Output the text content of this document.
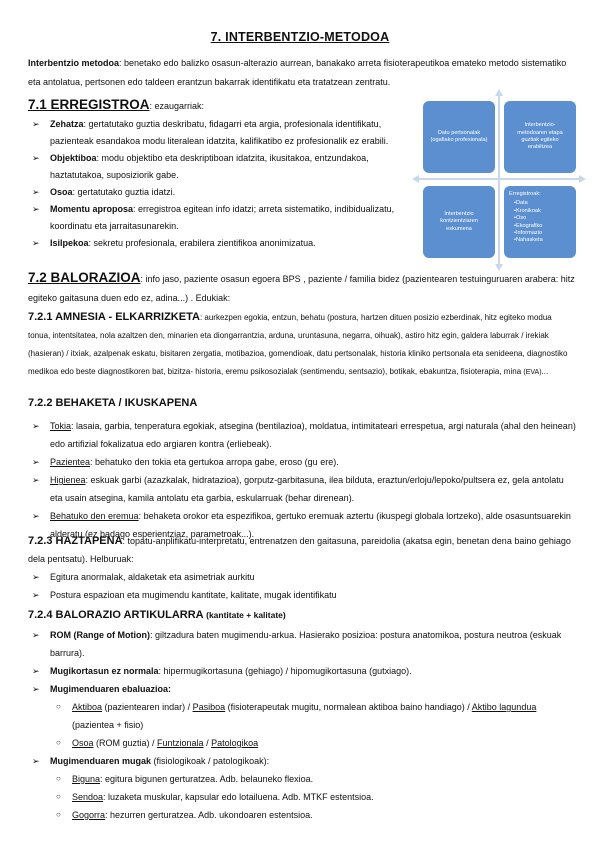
7. INTERBENTZIO-METODOA
Interbentzio metodoa: benetako edo balizko osasun-alterazio aurrean, banakako arreta fisioterapeutikoa emateko metodo sistematiko eta antolatua, pertsonen edo taldeen erantzun bakarrak identifikatu eta tratatzean zentratu.
7.1 ERREGISTROA: ezaugarriak:
➢ Zehatza: gertatutako guztia deskribatu, fidagarri eta argia, profesionala identifikatu, pazienteak esandakoa modu literalean idatzita, kalifikatibo ez profesionalik ez erabili.
➢ Objektiboa: modu objektibo eta deskriptiboan idatzita, ikusitakoa, entzundakoa, haztatutakoa, suposiziorik gabe.
➢ Osoa: gertatutako guztia idatzi.
➢ Momentu aproposa: erregistroa egitean info idatzi; arreta sistematiko, indibidualizatu, koordinatu eta jarraitasunarekin.
➢ Isilpekoa: sekretu profesionala, erabilera zientifikoa anonimizatua.
Datu pertsonalak (ogafiako profesionala)
Interbentzio- metodoaren etapa guztiak egiteko erabiltzea
Interbentzio kontzientziaren eskumena
Erregistroak:
• Data
• Kronikoak
• Oso
• Ekografiko
• Informazio
• Nahasketa
7.2 BALORAZIOA: info jaso, paziente osasun egoera BPS , paziente / familia bidez (pazientearen testuinguruaren arabera: hitz egiteko gaitasuna duen edo ez, adina...) . Edukiak:
7.2.1 AMNESIA - ELKARRIZKETA: aurkezpen egokia, entzun, behatu (postura, hartzen dituen posizio ezberdinak, hitz egiteko modua tonua, intentsitatea, nola azaltzen den, minarien eta diongarrantzia, arduna, uruntasuna, negarra, oihuak), astiro hitz egin, galdera laburrak / irekiak (hasieran) / itxiak, azalpenak eskatu, bisitaren zergatia, motibazioa, gomendioak, datu pertsonalak, historia kliniko pertsonala eta senideena, diagnostiko medikoa edo beste diagnostikoren bat, bizitza- historia, eremu psikosozialak (sentimendu, sentsazio), botikak, ebakuntza, fisioterapia, mina (EVA)...
7.2.2 BEHAKETA / IKUSKAPENA
➢ Tokia: lasaia, garbia, tenperatura egokiak, atsegina (bentilazioa), moldatua, intimitateari errespetua, argi naturala (ahal den heinean) edo artifizial fokalizatua edo argiaren kontra (erliebeak).
➢ Pazientea: behatuko den tokia eta gertukoa arropa gabe, eroso (gu ere).
➢ Higienea: eskuak garbi (azazkalak, hidratazioa), gorputz-garbitasuna, ilea bilduta, eraztun/erloju/lepoko/pultsera ez, gela antolatu eta usain atsegina, kamila antolatu eta garbia, eskularruak (behar direnean).
➢ Behatuko den eremua: behaketa orokor eta espezifikoa, gertuko eremuak aztertu (ikuspegi globala lortzeko), alde osasuntsuarekin alderatu (ez badago esperientziaz, parametroak...).
7.2.3 HAZTAPENA: topatu-anplifikatu-interpretatu, entrenatzen den gaitasuna, pareidolia (akatsa egin, benetan dena baino gehiago dela pentsatu). Helburuak:
➢ Egitura anormalak, aldaketak eta asimetriak aurkitu
➢ Postura espazioan eta mugimendu kantitate, kalitate, mugak identifikatu
7.2.4 BALORAZIO ARTIKULARRA (kantitate + kalitate)
➢ ROM (Range of Motion): giltzadura baten mugimendu-arkua. Hasierako posizioa: postura anatomikoa, postura neutroa (eskuak barrura).
➢ Mugikortasun ez normala: hipermugikortasuna (gehiago) / hipomugikortasuna (gutxiago).
➢ Mugimenduaren ebaluazioa:
○ Aktiboa (pazientearen indar) / Pasiboa (fisioterapeutak mugitu, normalean aktiboa baino handiago) / Aktibo lagundua (pazientea + fisio)
○ Osoa (ROM guztia) / Funtzionala / Patologikoa
➢ Mugimenduaren mugak (fisiologikoak / patologikoak):
○ Biguna: egitura bigunen gerturatzea. Adb. belauneko flexioa.
○ Sendoa: luzaketa muskular, kapsular edo lotailuena. Adb. MTKF estentsioa.
○ Gogorra: hezurren gerturatzea. Adb. ukondoaren estentsioa.
